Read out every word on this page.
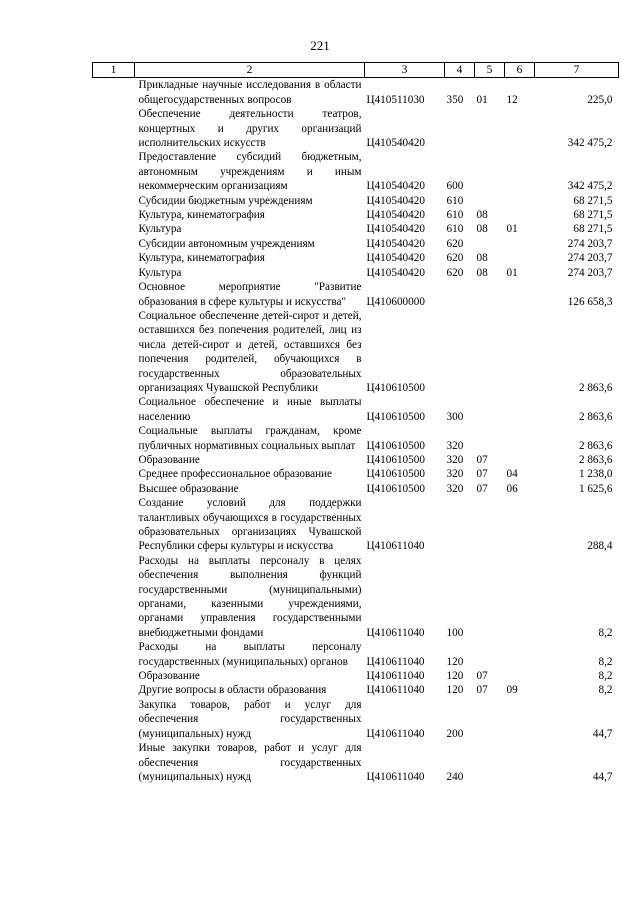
221
1	2	3	4	5	6	7
	Прикладные научные исследования в области общегосударственных вопросов	Ц410511030	350	01	12	225,0
	Обеспечение деятельности театров, концертных и других организаций исполнительских искусств	Ц410540420				342 475,2
	Предоставление субсидий бюджетным, автономным учреждениям и иным некоммерческим организациям	Ц410540420	600			342 475,2
	Субсидии бюджетным учреждениям	Ц410540420	610			68 271,5
	Культура, кинематография	Ц410540420	610	08		68 271,5
	Культура	Ц410540420	610	08	01	68 271,5
	Субсидии автономным учреждениям	Ц410540420	620			274 203,7
	Культура, кинематография	Ц410540420	620	08		274 203,7
	Культура	Ц410540420	620	08	01	274 203,7
	Основное мероприятие "Развитие образования в сфере культуры и искусства"	Ц410600000				126 658,3
	Социальное обеспечение детей-сирот и детей, оставшихся без попечения родителей, лиц из числа детей-сирот и детей, оставшихся без попечения родителей, обучающихся в государственных образовательных организациях Чувашской Республики	Ц410610500				2 863,6
	Социальное обеспечение и иные выплаты населению	Ц410610500	300			2 863,6
	Социальные выплаты гражданам, кроме публичных нормативных социальных выплат	Ц410610500	320			2 863,6
	Образование	Ц410610500	320	07		2 863,6
	Среднее профессиональное образование	Ц410610500	320	07	04	1 238,0
	Высшее образование	Ц410610500	320	07	06	1 625,6
	Создание условий для поддержки талантливых обучающихся в государственных образовательных организациях Чувашской Республики сферы культуры и искусства	Ц410611040				288,4
	Расходы на выплаты персоналу в целях обеспечения выполнения функций государственными (муниципальными) органами, казенными учреждениями, органами управления государственными внебюджетными фондами	Ц410611040	100			8,2
	Расходы на выплаты персоналу государственных (муниципальных) органов	Ц410611040	120			8,2
	Образование	Ц410611040	120	07		8,2
	Другие вопросы в области образования	Ц410611040	120	07	09	8,2
	Закупка товаров, работ и услуг для обеспечения государственных (муниципальных) нужд	Ц410611040	200			44,7
	Иные закупки товаров, работ и услуг для обеспечения государственных (муниципальных) нужд	Ц410611040	240			44,7
